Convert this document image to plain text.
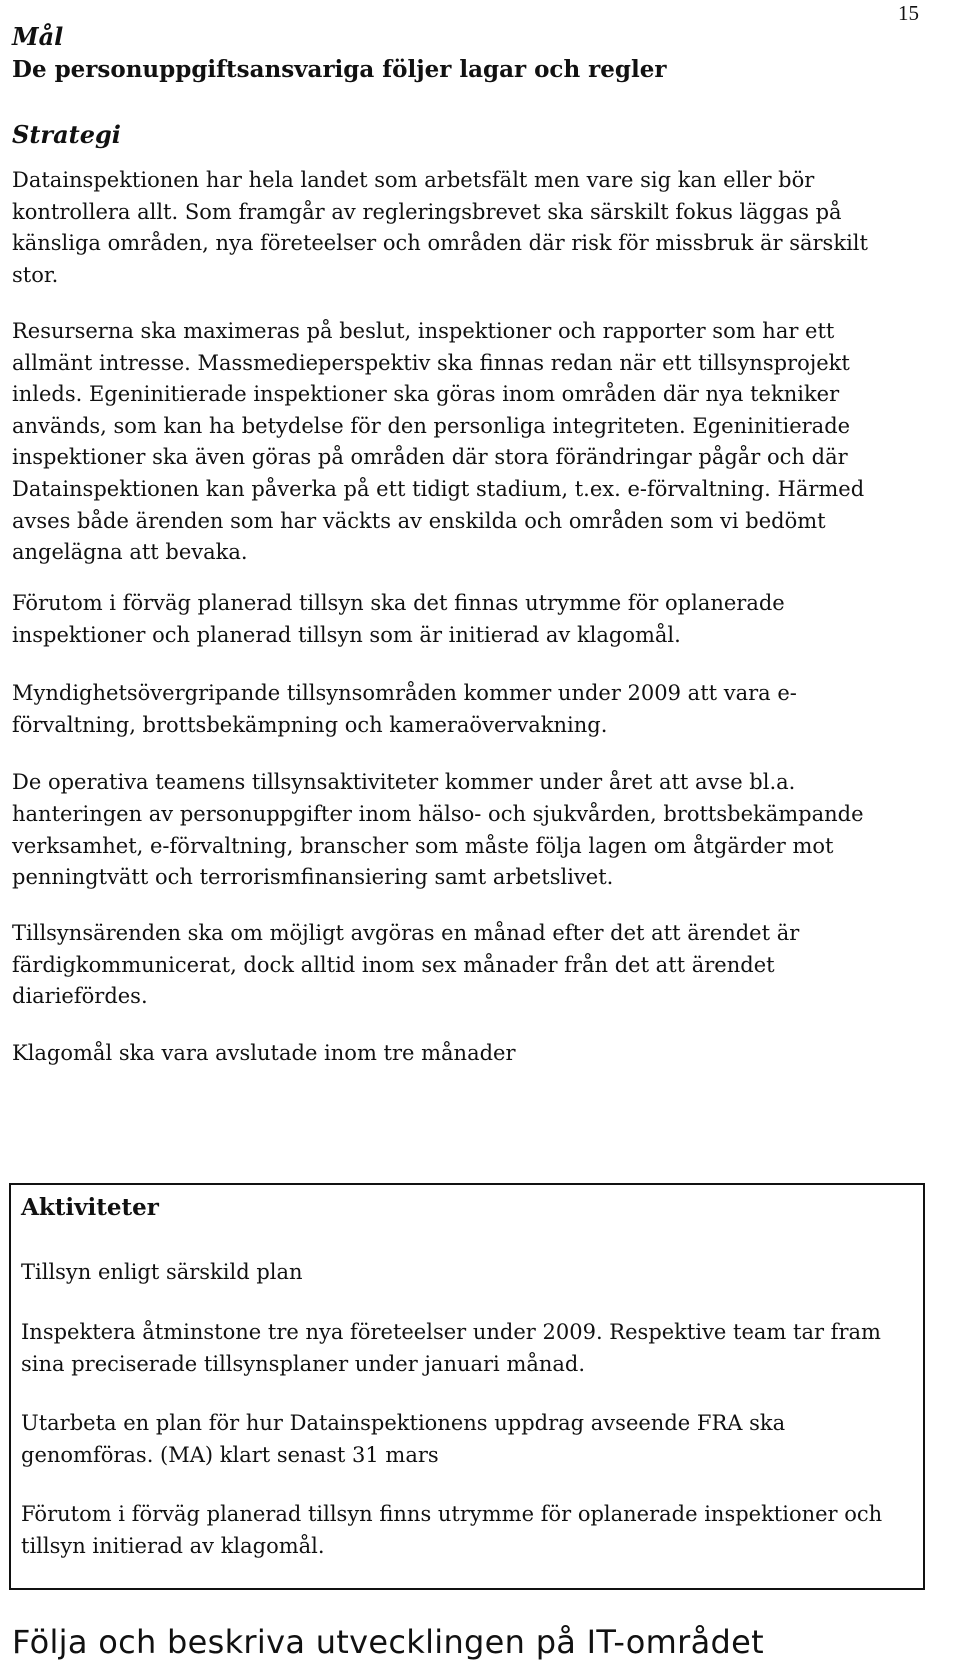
15
Mål
De personuppgiftsansvariga följer lagar och regler
Strategi

Datainspektionen har hela landet som arbetsfält men vare sig kan eller bör kontrollera allt. Som framgår av regleringsbrevet ska särskilt fokus läggas på känsliga områden, nya företeelser och områden där risk för missbruk är särskilt stor.

Resurserna ska maximeras på beslut, inspektioner och rapporter som har ett allmänt intresse. Massmedieperspektiv ska finnas redan när ett tillsynsprojekt inleds. Egeninitierade inspektioner ska göras inom områden där nya tekniker används, som kan ha betydelse för den personliga integriteten. Egeninitierade inspektioner ska även göras på områden där stora förändringar pågår och där Datainspektionen kan påverka på ett tidigt stadium, t.ex. e-förvaltning. Härmed avses både ärenden som har väckts av enskilda och områden som vi bedömt angelägna att bevaka.

Förutom i förväg planerad tillsyn ska det finnas utrymme för oplanerade inspektioner och planerad tillsyn som är initierad av klagomål.

Myndighetsövergripande tillsynsområden kommer under 2009 att vara e-förvaltning, brottsbekämpning och kameraövervakning.

De operativa teamens tillsynsaktiviteter kommer under året att avse bl.a. hanteringen av personuppgifter inom hälso- och sjukvården, brottsbekämpande verksamhet, e-förvaltning, branscher som måste följa lagen om åtgärder mot penningtvätt och terrorismfinansiering samt arbetslivet.

Tillsynsärenden ska om möjligt avgöras en månad efter det att ärendet är färdigkommunicerat, dock alltid inom sex månader från det att ärendet diariefördes.

Klagomål ska vara avslutade inom tre månader

Aktiviteter
Tillsyn enligt särskild plan
Inspektera åtminstone tre nya företeelser under 2009. Respektive team tar fram sina preciserade tillsynsplaner under januari månad.
Utarbeta en plan för hur Datainspektionens uppdrag avseende FRA ska genomföras. (MA) klart senast 31 mars
Förutom i förväg planerad tillsyn finns utrymme för oplanerade inspektioner och tillsyn initierad av klagomål.
Följa och beskriva utvecklingen på IT-området
